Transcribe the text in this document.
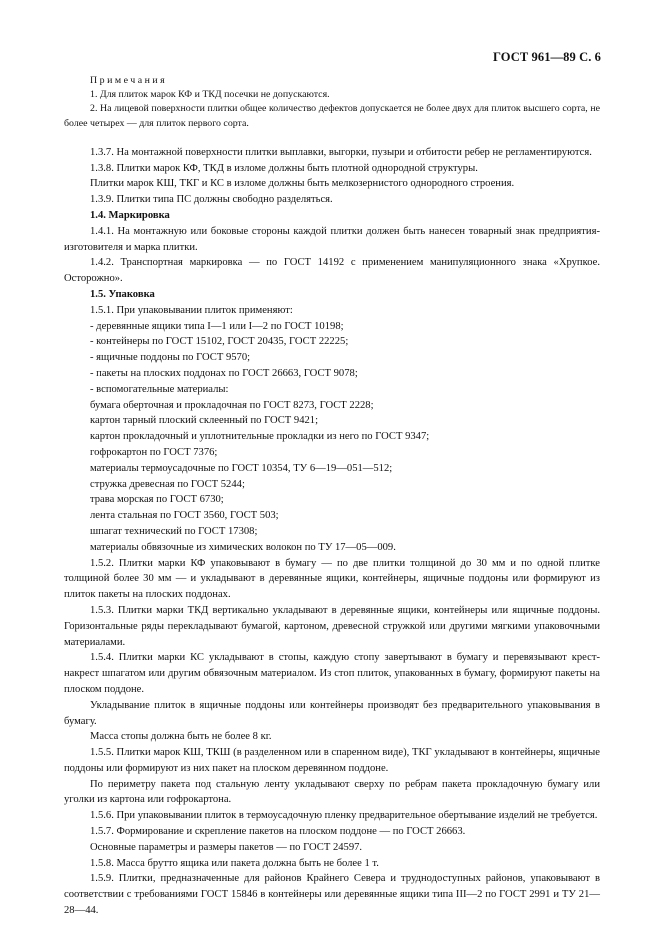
ГОСТ 961—89 С. 6
Примечания

1. Для плиток марок КФ и ТКД посечки не допускаются.

2. На лицевой поверхности плитки общее количество дефектов допускается не более двух для плиток высшего сорта, не более четырех — для плиток первого сорта.

1.3.7. На монтажной поверхности плитки выплавки, выгорки, пузыри и отбитости ребер не регламентируются.

1.3.8. Плитки марок КФ, ТКД в изломе должны быть плотной однородной структуры.

Плитки марок КШ, ТКГ и КС в изломе должны быть мелкозернистого однородного строения.

1.3.9. Плитки типа ПС должны свободно разделяться.

1.4. Маркировка

1.4.1. На монтажную или боковые стороны каждой плитки должен быть нанесен товарный знак предприятия-изготовителя и марка плитки.

1.4.2. Транспортная маркировка — по ГОСТ 14192 с применением манипуляционного знака «Хрупкое. Осторожно».

1.5. Упаковка

1.5.1. При упаковывании плиток применяют:

- деревянные ящики типа I—1 или I—2 по ГОСТ 10198;

- контейнеры по ГОСТ 15102, ГОСТ 20435, ГОСТ 22225;

- ящичные поддоны по ГОСТ 9570;

- пакеты на плоских поддонах по ГОСТ 26663, ГОСТ 9078;

- вспомогательные материалы:

бумага оберточная и прокладочная по ГОСТ 8273, ГОСТ 2228;

картон тарный плоский склеенный по ГОСТ 9421;

картон прокладочный и уплотнительные прокладки из него по ГОСТ 9347;

гофрокартон по ГОСТ 7376;

материалы термоусадочные по ГОСТ 10354, ТУ 6—19—051—512;

стружка древесная по ГОСТ 5244;

трава морская по ГОСТ 6730;

лента стальная по ГОСТ 3560, ГОСТ 503;

шпагат технический по ГОСТ 17308;

материалы обвязочные из химических волокон по ТУ 17—05—009.

1.5.2. Плитки марки КФ упаковывают в бумагу — по две плитки толщиной до 30 мм и по одной плитке толщиной более 30 мм — и укладывают в деревянные ящики, контейнеры, ящичные поддоны или формируют из плиток пакеты на плоских поддонах.

1.5.3. Плитки марки ТКД вертикально укладывают в деревянные ящики, контейнеры или ящичные поддоны. Горизонтальные ряды перекладывают бумагой, картоном, древесной стружкой или другими мягкими упаковочными материалами.

1.5.4. Плитки марки КС укладывают в стопы, каждую стопу завертывают в бумагу и перевязывают крест-накрест шпагатом или другим обвязочным материалом. Из стоп плиток, упакованных в бумагу, формируют пакеты на плоском поддоне.

Укладывание плиток в ящичные поддоны или контейнеры производят без предварительного упаковывания в бумагу.

Масса стопы должна быть не более 8 кг.

1.5.5. Плитки марок КШ, ТКШ (в разделенном или в спаренном виде), ТКГ укладывают в контейнеры, ящичные поддоны или формируют из них пакет на плоском деревянном поддоне.

По периметру пакета под стальную ленту укладывают сверху по ребрам пакета прокладочную бумагу или уголки из картона или гофрокартона.

1.5.6. При упаковывании плиток в термоусадочную пленку предварительное обертывание изделий не требуется.

1.5.7. Формирование и скрепление пакетов на плоском поддоне — по ГОСТ 26663.

Основные параметры и размеры пакетов — по ГОСТ 24597.

1.5.8. Масса брутто ящика или пакета должна быть не более 1 т.

1.5.9. Плитки, предназначенные для районов Крайнего Севера и труднодоступных районов, упаковывают в соответствии с требованиями ГОСТ 15846 в контейнеры или деревянные ящики типа III—2 по ГОСТ 2991 и ТУ 21—28—44.
